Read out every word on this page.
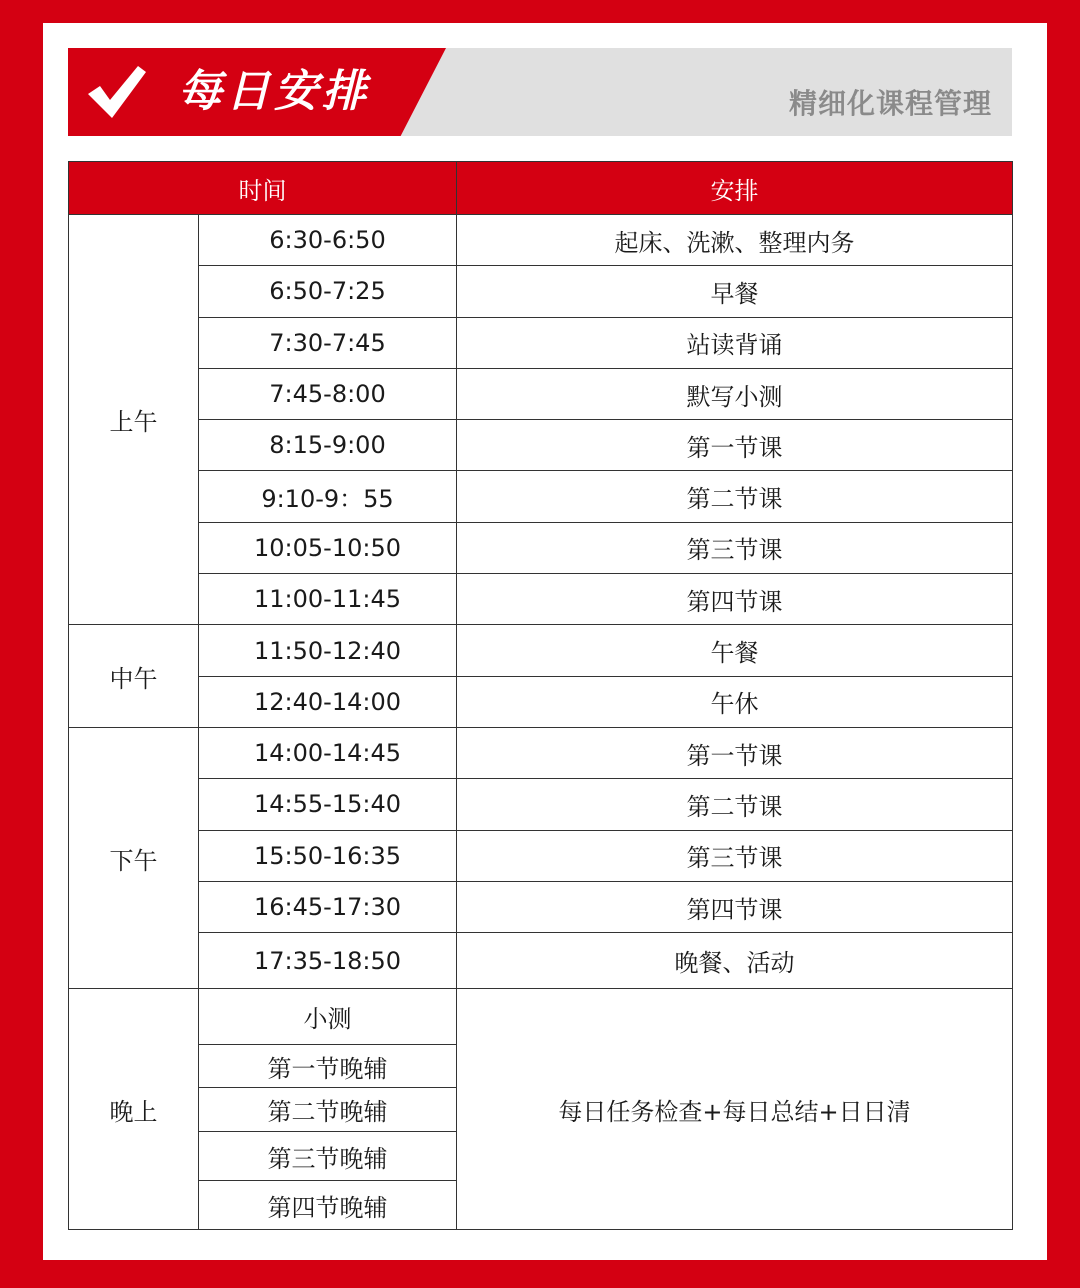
每日安排	精细化课程管理
时间		安排
上午	6:30-6:50	起床、洗漱、整理内务
	6:50-7:25	早餐
	7:30-7:45	站读背诵
	7:45-8:00	默写小测
	8:15-9:00	第一节课
	9:10-9：55	第二节课
	10:05-10:50	第三节课
	11:00-11:45	第四节课
中午	11:50-12:40	午餐
	12:40-14:00	午休
下午	14:00-14:45	第一节课
	14:55-15:40	第二节课
	15:50-16:35	第三节课
	16:45-17:30	第四节课
	17:35-18:50	晚餐、活动
晚上	小测	每日任务检查+每日总结+日日清
	第一节晚辅	
	第二节晚辅	
	第三节晚辅	
	第四节晚辅	
